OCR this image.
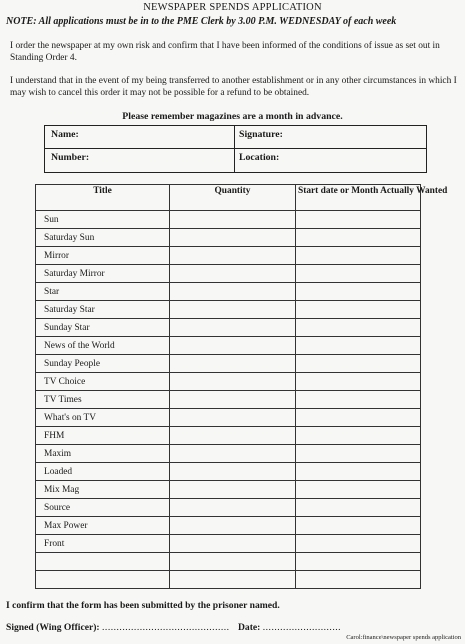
NEWSPAPER SPENDS APPLICATION
NOTE: All applications must be in to the PME Clerk by 3.00 P.M. WEDNESDAY of each week
I order the newspaper at my own risk and confirm that I have been informed of the conditions of issue as set out in Standing Order 4.
I understand that in the event of my being transferred to another establishment or in any other circumstances in which I may wish to cancel this order it may not be possible for a refund to be obtained.
Please remember magazines are a month in advance.
Name:	Signature:
Number:	Location:
Title	Quantity	Start date or Month Actually Wanted
Sun		
Saturday Sun		
Mirror		
Saturday Mirror		
Star		
Saturday Star		
Sunday Star		
News of the World		
Sunday People		
TV Choice		
TV Times		
What's on TV		
FHM		
Maxim		
Loaded		
Mix Mag		
Source		
Max Power		
Front		

I confirm that the form has been submitted by the prisoner named.
Signed (Wing Officer): ............................................ Date: ...........................
Carol:finance\newspaper spends application
